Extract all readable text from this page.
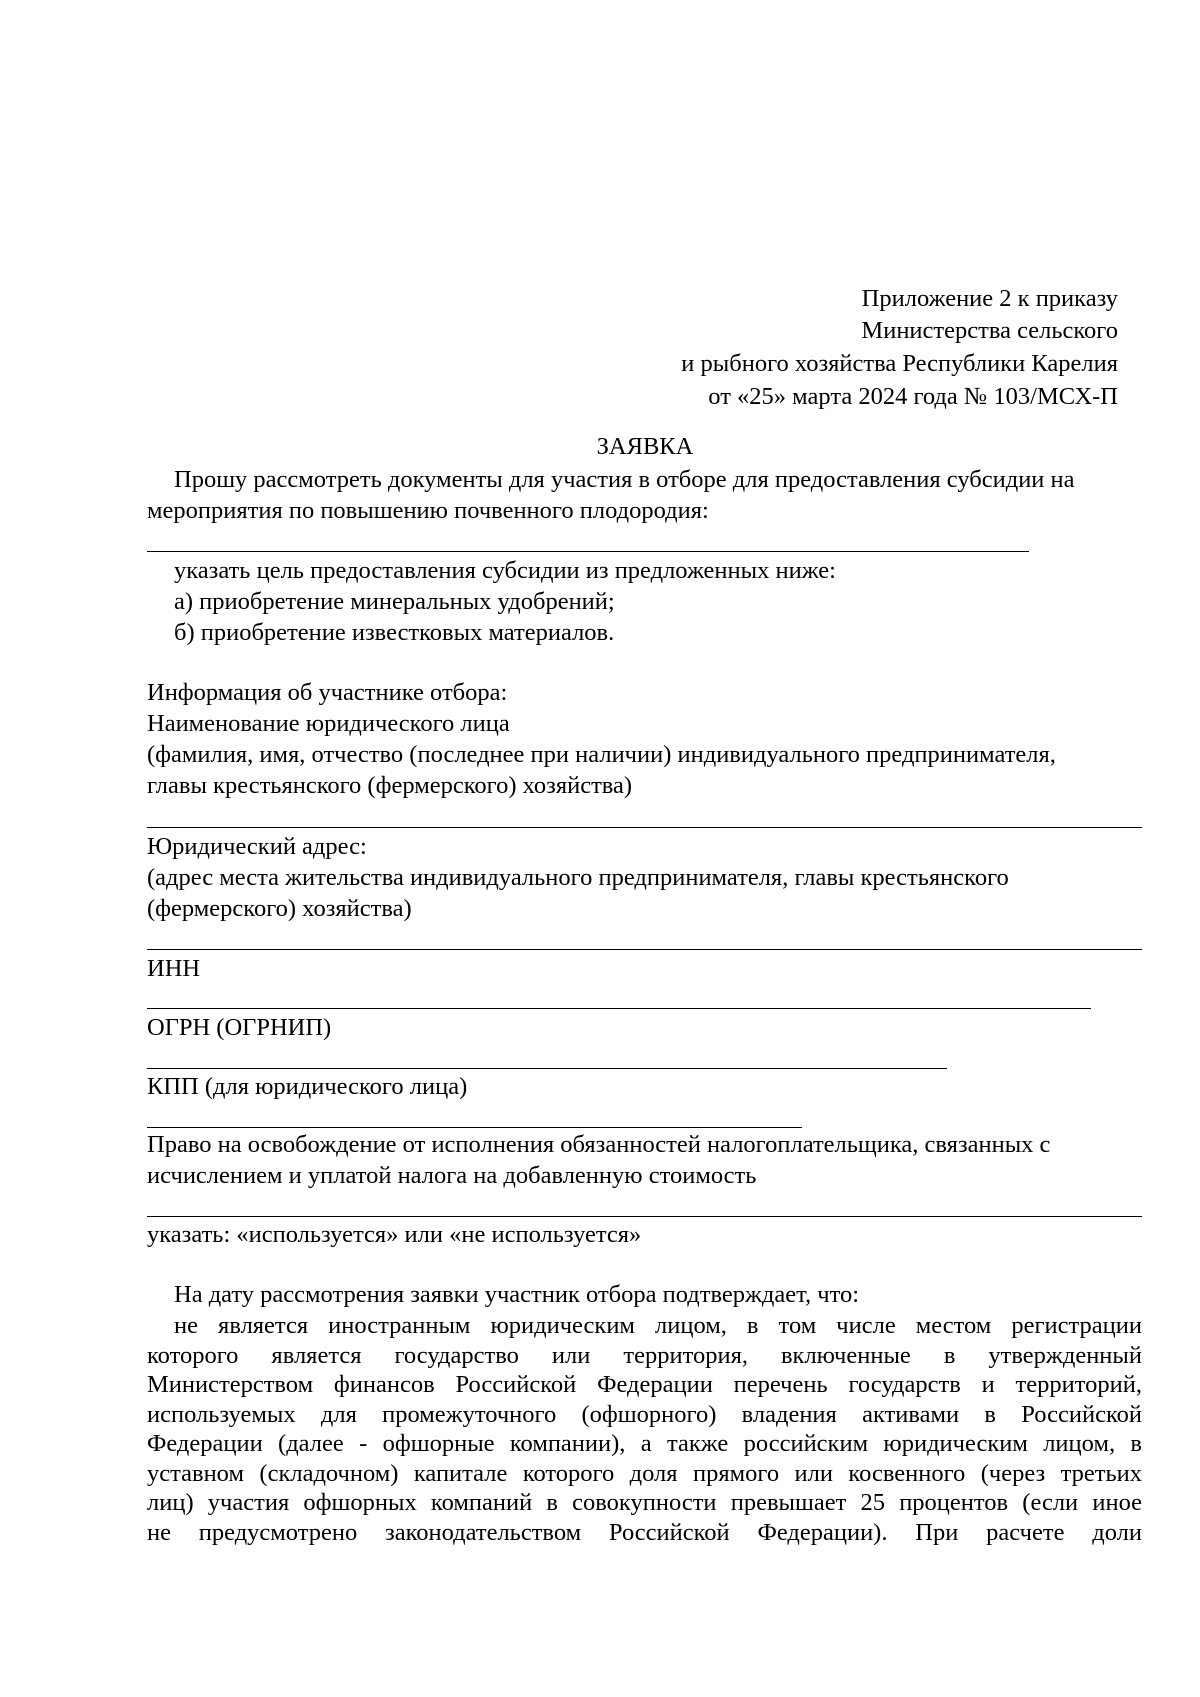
Приложение 2 к приказу
Министерства сельского
и рыбного хозяйства Республики Карелия
от «25» марта 2024 года № 103/МСХ-П
ЗАЯВКА
Прошу рассмотреть документы для участия в отборе для предоставления субсидии на
мероприятия по повышению почвенного плодородия:
указать цель предоставления субсидии из предложенных ниже:
а) приобретение минеральных удобрений;
б) приобретение известковых материалов.
Информация об участнике отбора:
Наименование юридического лица
(фамилия, имя, отчество (последнее при наличии) индивидуального предпринимателя,
главы крестьянского (фермерского) хозяйства)
Юридический адрес:
(адрес места жительства индивидуального предпринимателя, главы крестьянского
(фермерского) хозяйства)
ИНН
ОГРН (ОГРНИП)
КПП (для юридического лица)
Право на освобождение от исполнения обязанностей налогоплательщика, связанных с
исчислением и уплатой налога на добавленную стоимость
указать: «используется» или «не используется»
На дату рассмотрения заявки участник отбора подтверждает, что:
не является иностранным юридическим лицом, в том числе местом регистрации
которого является государство или территория, включенные в утвержденный
Министерством финансов Российской Федерации перечень государств и территорий,
используемых для промежуточного (офшорного) владения активами в Российской
Федерации (далее - офшорные компании), а также российским юридическим лицом, в
уставном (складочном) капитале которого доля прямого или косвенного (через третьих
лиц) участия офшорных компаний в совокупности превышает 25 процентов (если иное
не предусмотрено законодательством Российской Федерации). При расчете доли
